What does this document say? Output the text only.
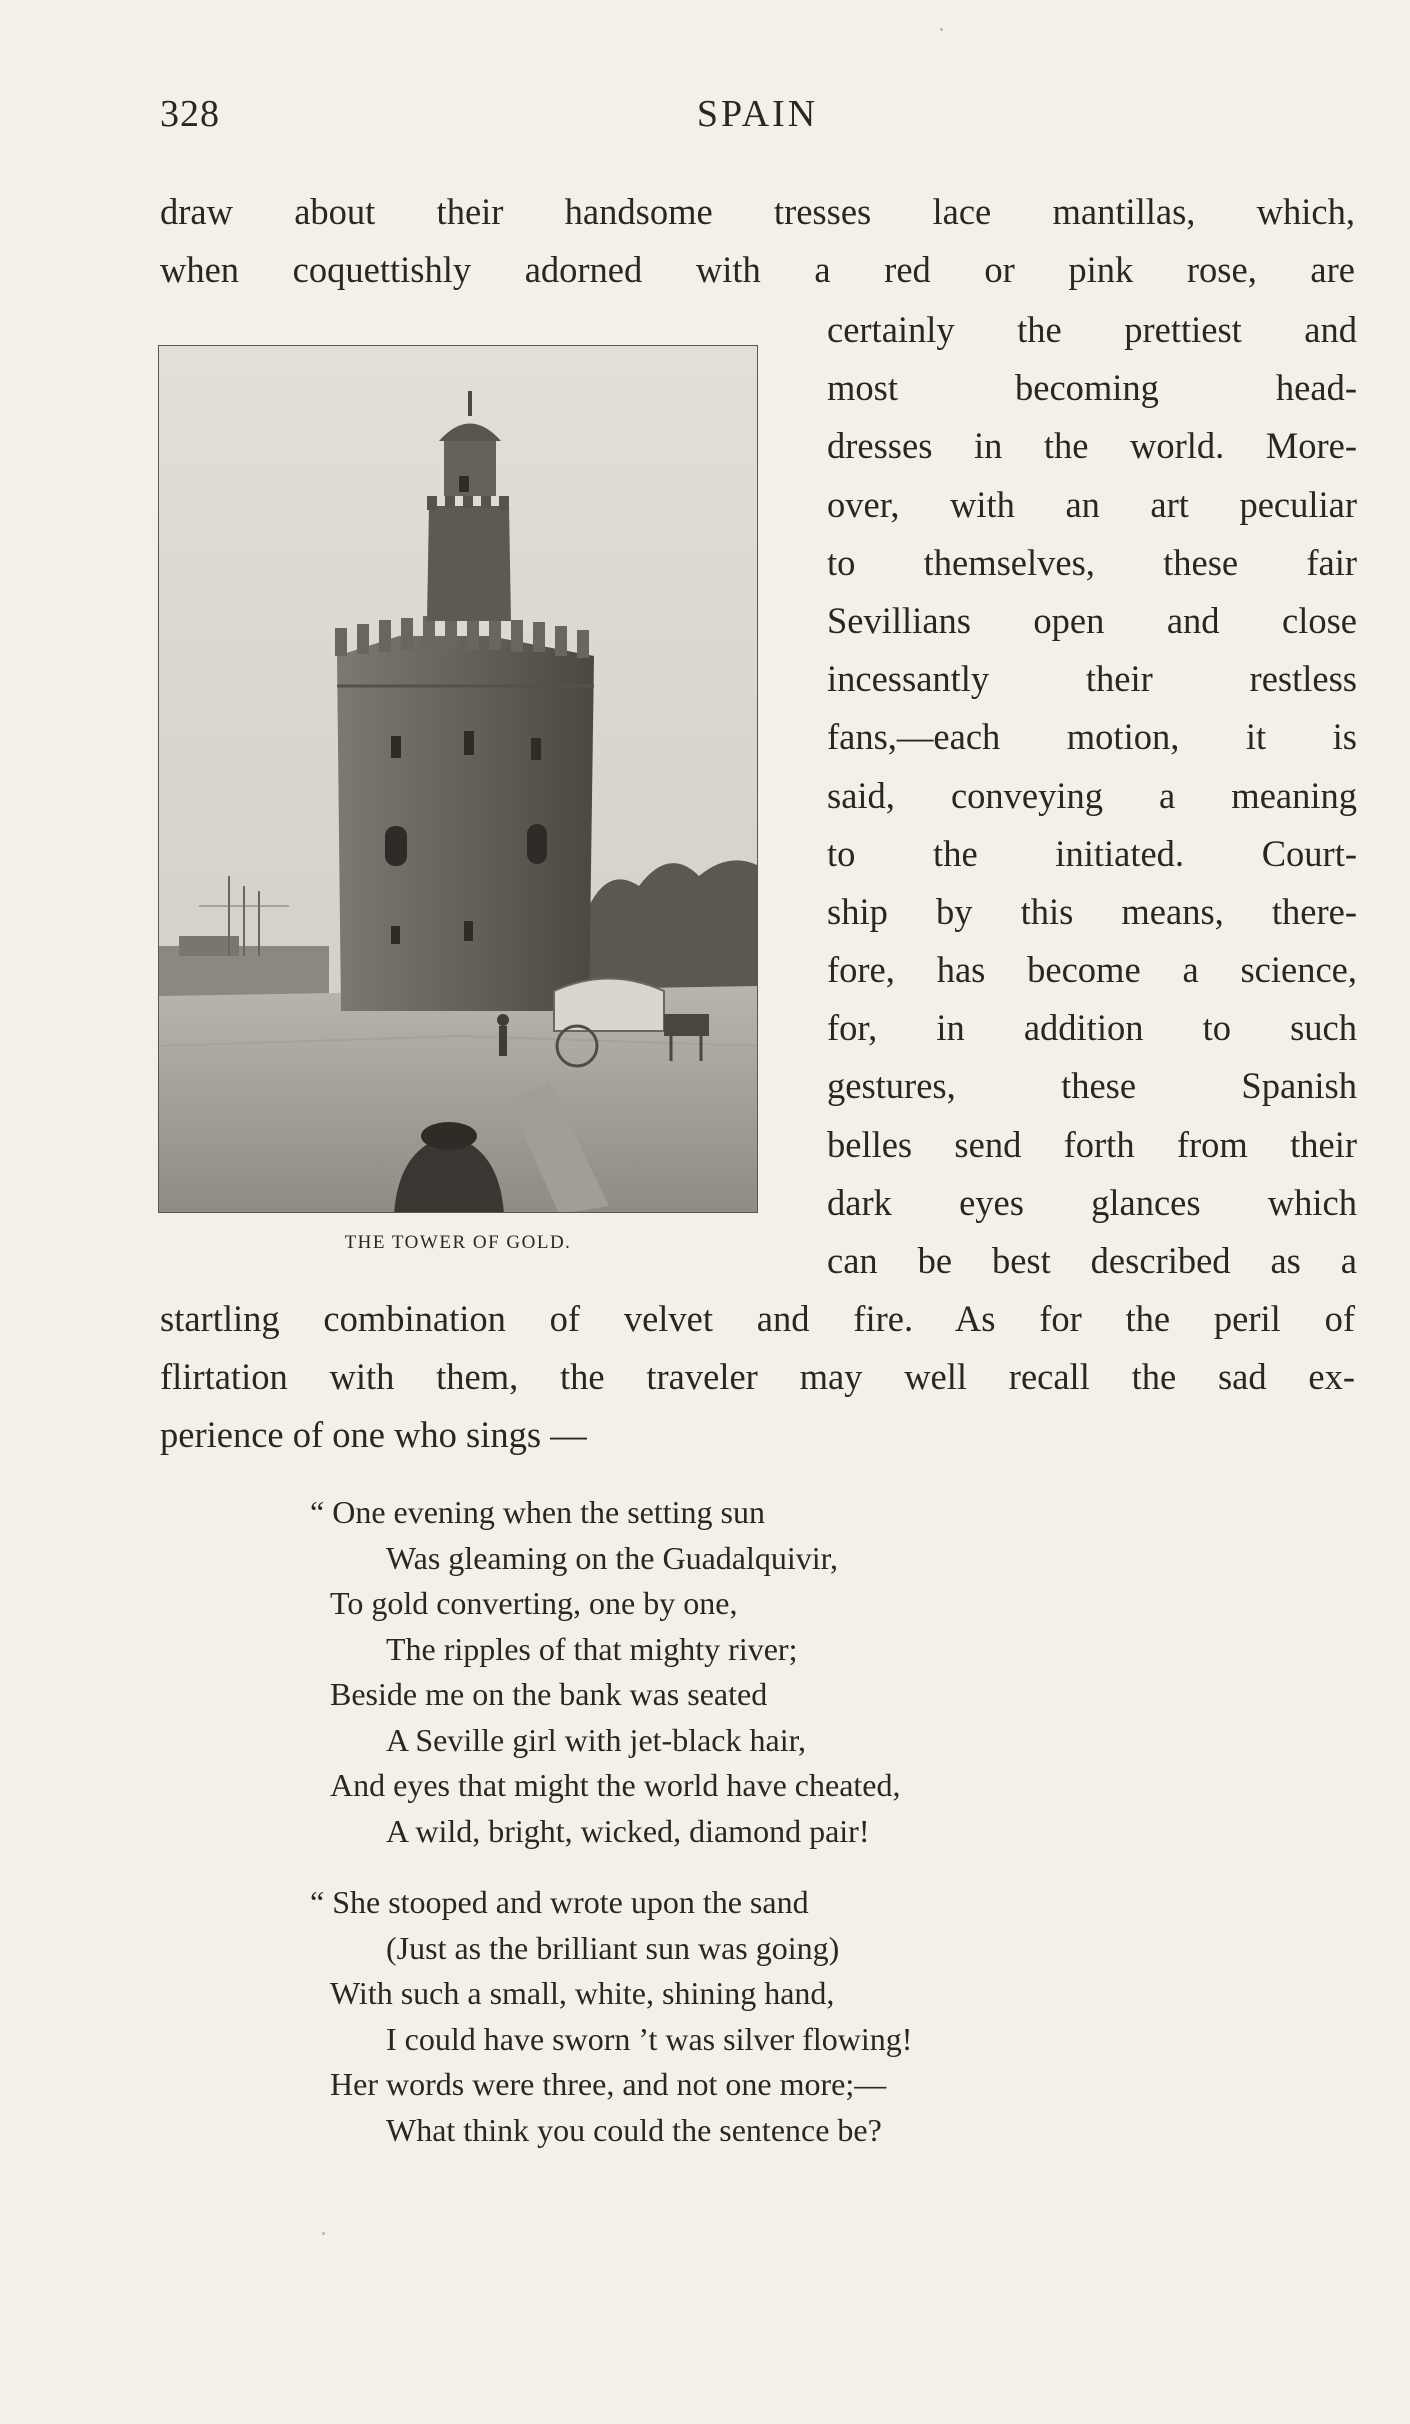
328	SPAIN
draw about their handsome tresses lace mantillas, which,
when coquettishly adorned with a red or pink rose, are
THE TOWER OF GOLD.
certainly the prettiest and
most becoming head-
dresses in the world. More-
over, with an art peculiar
to themselves, these fair
Sevillians open and close
incessantly their restless
fans,—each motion, it is
said, conveying a meaning
to the initiated. Court-
ship by this means, there-
fore, has become a science,
for, in addition to such
gestures, these Spanish
belles send forth from their
dark eyes glances which
can be best described as a
startling combination of velvet and fire. As for the peril of
flirtation with them, the traveler may well recall the sad ex-
perience of one who sings —
“ One evening when the setting sun
Was gleaming on the Guadalquivir,
To gold converting, one by one,
The ripples of that mighty river;
Beside me on the bank was seated
A Seville girl with jet-black hair,
And eyes that might the world have cheated,
A wild, bright, wicked, diamond pair!
“ She stooped and wrote upon the sand
(Just as the brilliant sun was going)
With such a small, white, shining hand,
I could have sworn ’t was silver flowing!
Her words were three, and not one more;—
What think you could the sentence be?
